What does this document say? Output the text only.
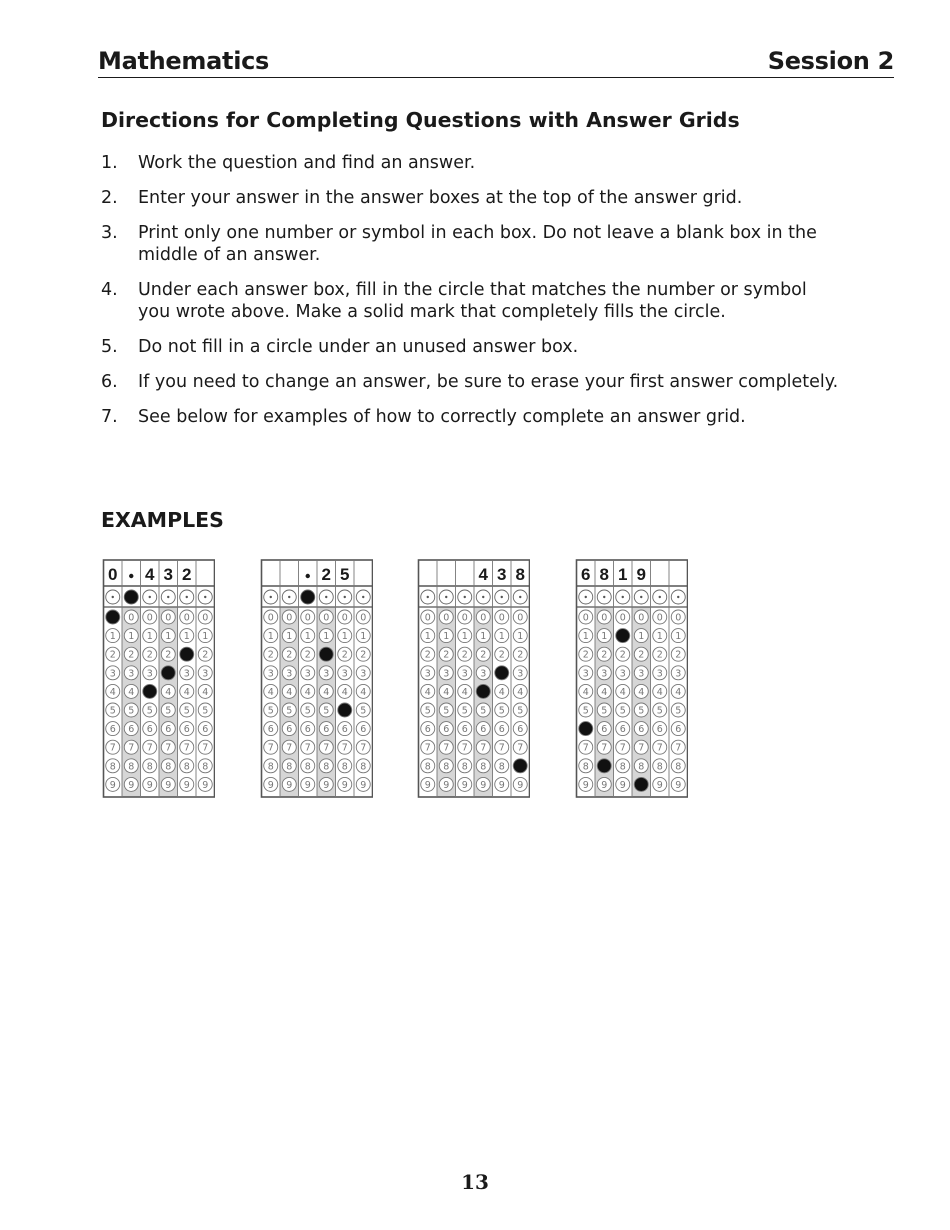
Mathematics	Session 2
Directions for Completing Questions with Answer Grids
1. Work the question and find an answer.
2. Enter your answer in the answer boxes at the top of the answer grid.
3. Print only one number or symbol in each box. Do not leave a blank box in the middle of an answer.
4. Under each answer box, fill in the circle that matches the number or symbol you wrote above. Make a solid mark that completely fills the circle.
5. Do not fill in a circle under an unused answer box.
6. If you need to change an answer, be sure to erase your first answer completely.
7. See below for examples of how to correctly complete an answer grid.
EXAMPLES
0
1
2
3
4
5
6
7
8
9
0
1
2
3
4
5
6
7
8
9
4
0
1
2
3
5
6
7
8
9
3
0
1
2
4
5
6
7
8
9
2
0
1
3
4
5
6
7
8
9
0
1
2
3
4
5
6
7
8
9
0
1
2
3
4
5
6
7
8
9
0
1
2
3
4
5
6
7
8
9
0
1
2
3
4
5
6
7
8
9
2
0
1
3
4
5
6
7
8
9
5
0
1
2
3
4
6
7
8
9
0
1
2
3
4
5
6
7
8
9
0
1
2
3
4
5
6
7
8
9
0
1
2
3
4
5
6
7
8
9
0
1
2
3
4
5
6
7
8
9
4
0
1
2
3
5
6
7
8
9
3
0
1
2
4
5
6
7
8
9
8
0
1
2
3
4
5
6
7
9
6
0
1
2
3
4
5
7
8
9
8
0
1
2
3
4
5
6
7
9
1
0
2
3
4
5
6
7
8
9
9
0
1
2
3
4
5
6
7
8
0
1
2
3
4
5
6
7
8
9
0
1
2
3
4
5
6
7
8
9
13
